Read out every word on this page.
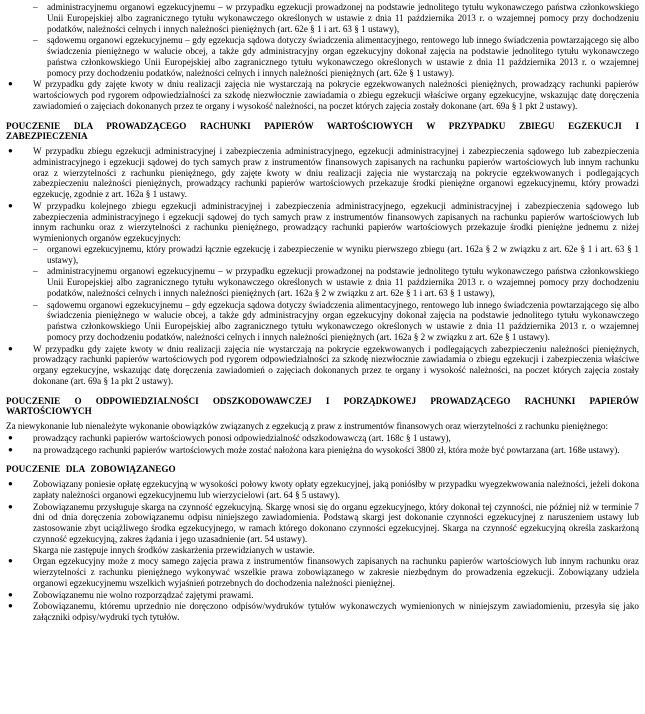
– administracyjnemu organowi egzekucyjnemu – w przypadku egzekucji prowadzonej na podstawie jednolitego tytułu wykonawczego państwa członkowskiego Unii Europejskiej albo zagranicznego tytułu wykonawczego określonych w ustawie z dnia 11 października 2013 r. o wzajemnej pomocy przy dochodzeniu podatków, należności celnych i innych należności pieniężnych (art. 62e § 1 i art. 63 § 1 ustawy),
– sądowemu organowi egzekucyjnemu – gdy egzekucja sądowa dotyczy świadczenia alimentacyjnego, rentowego lub innego świadczenia powtarzającego się albo świadczenia pieniężnego w walucie obcej, a także gdy administracyjny organ egzekucyjny dokonał zajęcia na podstawie jednolitego tytułu wykonawczego państwa członkowskiego Unii Europejskiej albo zagranicznego tytułu wykonawczego określonych w ustawie z dnia 11 października 2013 r. o wzajemnej pomocy przy dochodzeniu podatków, należności celnych i innych należności pieniężnych (art. 62e § 1 ustawy).
● W przypadku gdy zajęte kwoty w dniu realizacji zajęcia nie wystarczają na pokrycie egzekwowanych należności pieniężnych, prowadzący rachunki papierów wartościowych pod rygorem odpowiedzialności za szkodę niezwłocznie zawiadamia o zbiegu egzekucji właściwe organy egzekucyjne, wskazując datę doręczenia zawiadomień o zajęciach dokonanych przez te organy i wysokość należności, na poczet których zajęcia zostały dokonane (art. 69a § 1 pkt 2 ustawy).
POUCZENIE DLA PROWADZĄCEGO RACHUNKI PAPIERÓW WARTOŚCIOWYCH W PRZYPADKU ZBIEGU EGZEKUCJI I ZABEZPIECZENIA
● W przypadku zbiegu egzekucji administracyjnej i zabezpieczenia administracyjnego, egzekucji administracyjnej i zabezpieczenia sądowego lub zabezpieczenia administracyjnego i egzekucji sądowej do tych samych praw z instrumentów finansowych zapisanych na rachunku papierów wartościowych lub innym rachunku oraz z wierzytelności z rachunku pieniężnego, gdy zajęte kwoty w dniu realizacji zajęcia nie wystarczają na pokrycie egzekwowanych i podlegających zabezpieczeniu należności pieniężnych, prowadzący rachunki papierów wartościowych przekazuje środki pieniężne organowi egzekucyjnemu, który prowadzi egzekucję, zgodnie z art. 162a § 1 ustawy.
● W przypadku kolejnego zbiegu egzekucji administracyjnej i zabezpieczenia administracyjnego, egzekucji administracyjnej i zabezpieczenia sądowego lub zabezpieczenia administracyjnego i egzekucji sądowej do tych samych praw z instrumentów finansowych zapisanych na rachunku papierów wartościowych lub innym rachunku oraz z wierzytelności z rachunku pieniężnego, prowadzący rachunki papierów wartościowych przekazuje środki pieniężne jednemu z niżej wymienionych organów egzekucyjnych:
– organowi egzekucyjnemu, który prowadzi łącznie egzekucję i zabezpieczenie w wyniku pierwszego zbiegu (art. 162a § 2 w związku z art. 62e § 1 i art. 63 § 1 ustawy),
– administracyjnemu organowi egzekucyjnemu – w przypadku egzekucji prowadzonej na podstawie jednolitego tytułu wykonawczego państwa członkowskiego Unii Europejskiej albo zagranicznego tytułu wykonawczego określonych w ustawie z dnia 11 października 2013 r. o wzajemnej pomocy przy dochodzeniu podatków, należności celnych i innych należności pieniężnych (art. 162a § 2 w związku z art. 62e § 1 i art. 63 § 1 ustawy),
– sądowemu organowi egzekucyjnemu – gdy egzekucja sądowa dotyczy świadczenia alimentacyjnego, rentowego lub innego świadczenia powtarzającego się albo świadczenia pieniężnego w walucie obcej, a także gdy administracyjny organ egzekucyjny dokonał zajęcia na podstawie jednolitego tytułu wykonawczego państwa członkowskiego Unii Europejskiej albo zagranicznego tytułu wykonawczego określonych w ustawie z dnia 11 października 2013 r. o wzajemnej pomocy przy dochodzeniu podatków, należności celnych i innych należności pieniężnych (art. 162a § 2 w związku z art. 62e § 1 ustawy).
● W przypadku gdy zajęte kwoty w dniu realizacji zajęcia nie wystarczają na pokrycie egzekwowanych i podlegających zabezpieczeniu należności pieniężnych, prowadzący rachunki papierów wartościowych pod rygorem odpowiedzialności za szkodę niezwłocznie zawiadamia o zbiegu egzekucji i zabezpieczenia właściwe organy egzekucyjne, wskazując datę doręczenia zawiadomień o zajęciach dokonanych przez te organy i wysokość należności, na poczet których zajęcia zostały dokonane (art. 69a § 1a pkt 2 ustawy).
POUCZENIE O ODPOWIEDZIALNOŚCI ODSZKODOWAWCZEJ I PORZĄDKOWEJ PROWADZĄCEGO RACHUNKI PAPIERÓW WARTOŚCIOWYCH

Za niewykonanie lub nienależyte wykonanie obowiązków związanych z egzekucją z praw z instrumentów finansowych oraz wierzytelności z rachunku pieniężnego:

● prowadzący rachunki papierów wartościowych ponosi odpowiedzialność odszkodowawczą (art. 168c § 1 ustawy),
● na prowadzącego rachunki papierów wartościowych może zostać nałożona kara pieniężna do wysokości 3800 zł, która może być powtarzana (art. 168e ustawy).
POUCZENIE DLA ZOBOWIĄZANEGO
● Zobowiązany poniesie opłatę egzekucyjną w wysokości połowy kwoty opłaty egzekucyjnej, jaką poniósłby w przypadku wyegzekwowania należności, jeżeli dokona zapłaty należności organowi egzekucyjnemu lub wierzycielowi (art. 64 § 5 ustawy).
● Zobowiązanemu przysługuje skarga na czynność egzekucyjną. Skargę wnosi się do organu egzekucyjnego, który dokonał tej czynności, nie później niż w terminie 7 dni od dnia doręczenia zobowiązanemu odpisu niniejszego zawiadomienia. Podstawą skargi jest dokonanie czynności egzekucyjnej z naruszeniem ustawy lub zastosowanie zbyt uciążliwego środka egzekucyjnego, w ramach którego dokonano czynności egzekucyjnej. Skarga na czynność egzekucyjną określa zaskarżoną czynność egzekucyjną, zakres żądania i jego uzasadnienie (art. 54 ustawy).
Skarga nie zastępuje innych środków zaskarżenia przewidzianych w ustawie.
● Organ egzekucyjny może z mocy samego zajęcia prawa z instrumentów finansowych zapisanych na rachunku papierów wartościowych lub innym rachunku oraz wierzytelności z rachunku pieniężnego wykonywać wszelkie prawa zobowiązanego w zakresie niezbędnym do prowadzenia egzekucji. Zobowiązany udziela organowi egzekucyjnemu wszelkich wyjaśnień potrzebnych do dochodzenia należności pieniężnej.
● Zobowiązanemu nie wolno rozporządzać zajętymi prawami.
● Zobowiązanemu, któremu uprzednio nie doręczono odpisów/wydruków tytułów wykonawczych wymienionych w niniejszym zawiadomieniu, przesyła się jako załączniki odpisy/wydruki tych tytułów.
